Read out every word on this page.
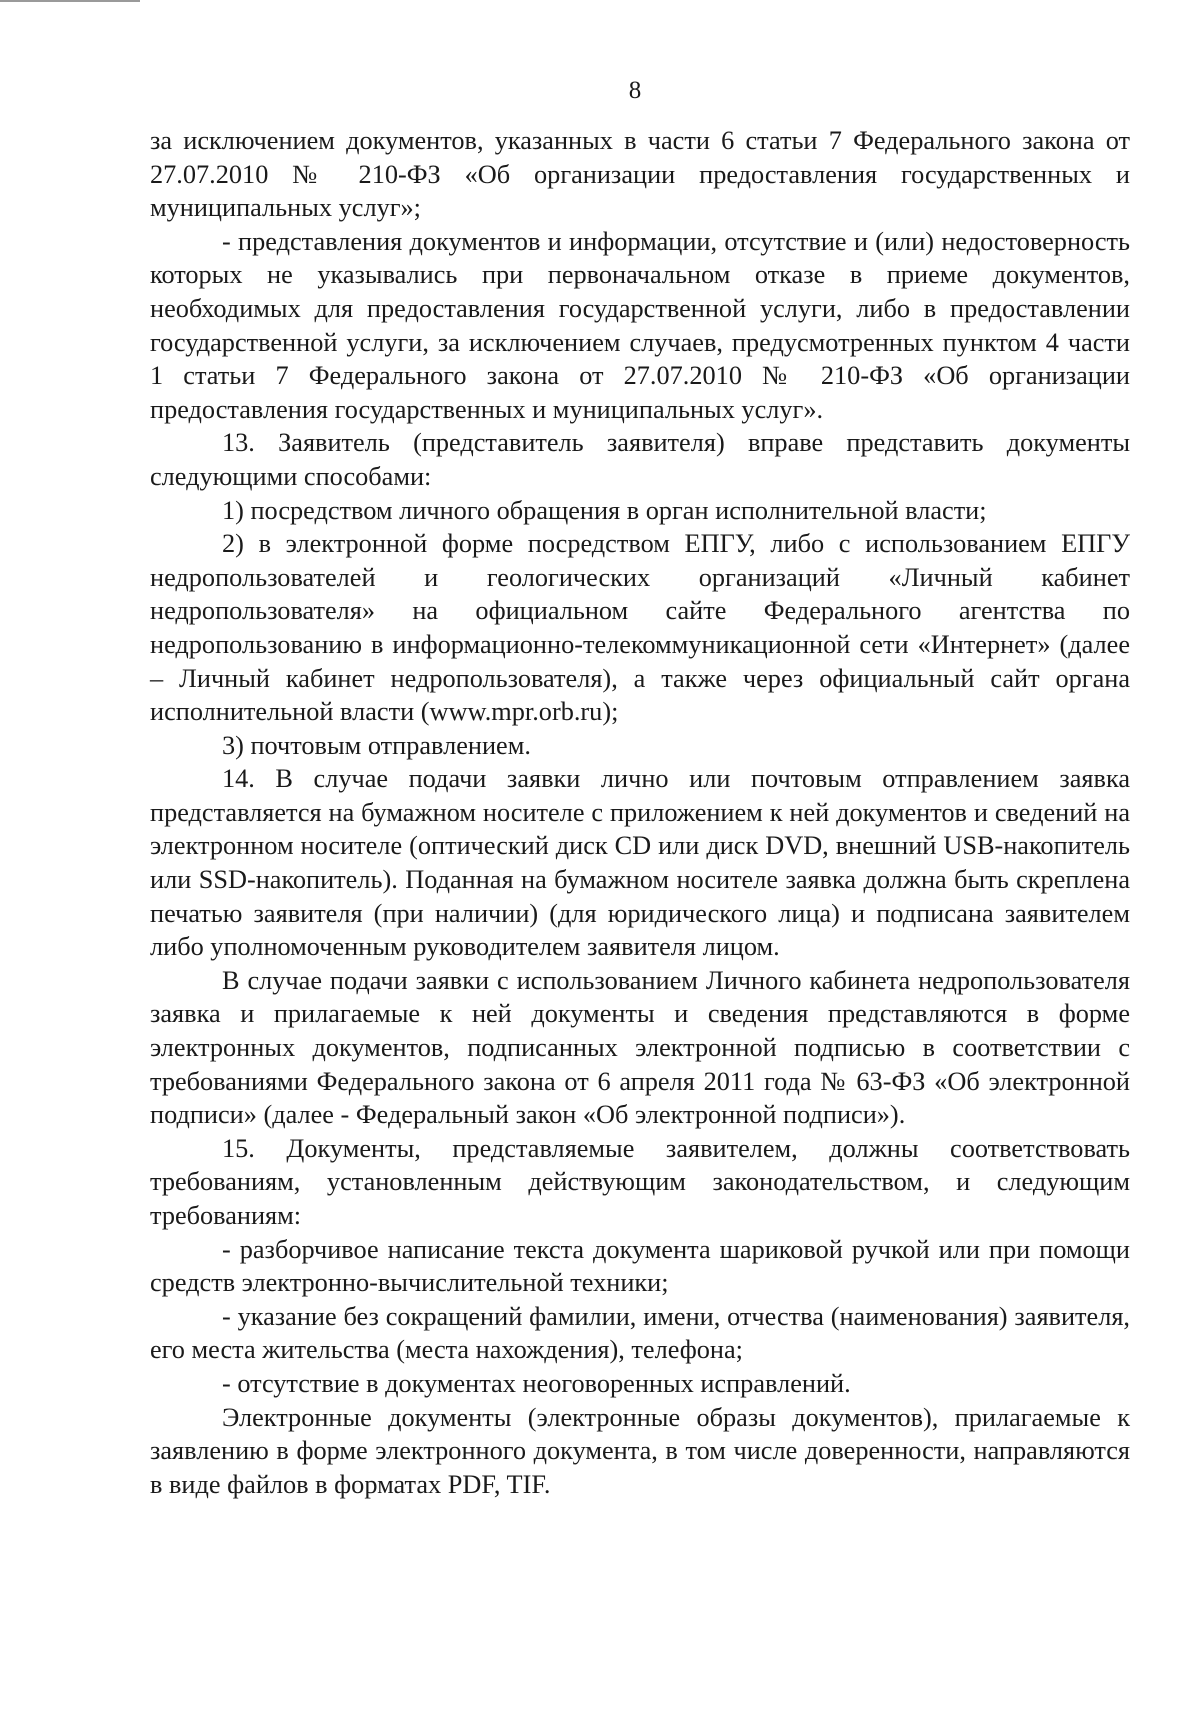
8

за исключением документов, указанных в части 6 статьи 7 Федерального закона от 27.07.2010 № 210-ФЗ «Об организации предоставления государственных и муниципальных услуг»;

- представления документов и информации, отсутствие и (или) недостоверность которых не указывались при первоначальном отказе в приеме документов, необходимых для предоставления государственной услуги, либо в предоставлении государственной услуги, за исключением случаев, предусмотренных пунктом 4 части 1 статьи 7 Федерального закона от 27.07.2010 № 210-ФЗ «Об организации предоставления государственных и муниципальных услуг».

13. Заявитель (представитель заявителя) вправе представить документы следующими способами:

1) посредством личного обращения в орган исполнительной власти;

2) в электронной форме посредством ЕПГУ, либо с использованием ЕПГУ недропользователей и геологических организаций «Личный кабинет недропользователя» на официальном сайте Федерального агентства по недропользованию в информационно-телекоммуникационной сети «Интернет» (далее – Личный кабинет недропользователя), а также через официальный сайт органа исполнительной власти (www.mpr.orb.ru);

3) почтовым отправлением.

14. В случае подачи заявки лично или почтовым отправлением заявка представляется на бумажном носителе с приложением к ней документов и сведений на электронном носителе (оптический диск CD или диск DVD, внешний USB-накопитель или SSD-накопитель). Поданная на бумажном носителе заявка должна быть скреплена печатью заявителя (при наличии) (для юридического лица) и подписана заявителем либо уполномоченным руководителем заявителя лицом.

В случае подачи заявки с использованием Личного кабинета недропользователя заявка и прилагаемые к ней документы и сведения представляются в форме электронных документов, подписанных электронной подписью в соответствии с требованиями Федерального закона от 6 апреля 2011 года № 63-ФЗ «Об электронной подписи» (далее - Федеральный закон «Об электронной подписи»).

15. Документы, представляемые заявителем, должны соответствовать требованиям, установленным действующим законодательством, и следующим требованиям:

- разборчивое написание текста документа шариковой ручкой или при помощи средств электронно-вычислительной техники;

- указание без сокращений фамилии, имени, отчества (наименования) заявителя, его места жительства (места нахождения), телефона;

- отсутствие в документах неоговоренных исправлений.

Электронные документы (электронные образы документов), прилагаемые к заявлению в форме электронного документа, в том числе доверенности, направляются в виде файлов в форматах PDF, TIF.
